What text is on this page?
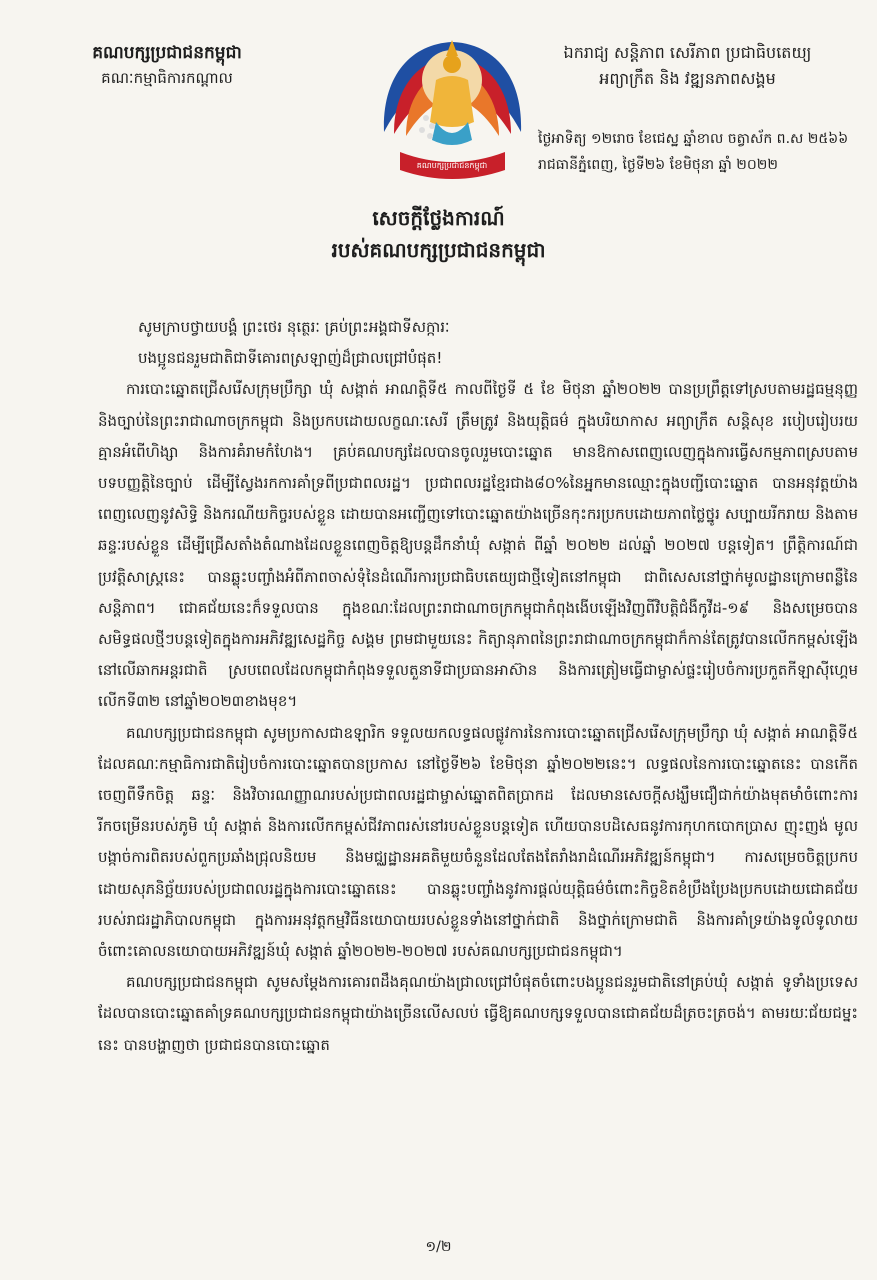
គណបក្សប្រជាជនកម្ពុជា
គណៈកម្មាធិការកណ្តាល
គណបក្សប្រជាជនកម្ពុជា
ឯករាជ្យ សន្តិភាព សេរីភាព ប្រជាធិបតេយ្យ
អព្យាក្រឹត និង វឌ្ឍនភាពសង្គម
ថ្ងៃអាទិត្យ ១២រោច ខែជេស្ឋ ឆ្នាំខាល ចត្វាស័ក ព.ស ២៥៦៦
រាជធានីភ្នំពេញ, ថ្ងៃទី២៦ ខែមិថុនា ឆ្នាំ ២០២២
សេចក្តីថ្លែងការណ៍
របស់គណបក្សប្រជាជនកម្ពុជា
សូមក្រាបថ្វាយបង្គំ ព្រះថេរ នុត្ថេរៈ គ្រប់ព្រះអង្គជាទីសក្ការៈ
បងប្អូនជនរួមជាតិជាទីគោរពស្រឡាញ់ដ៏ជ្រាលជ្រៅបំផុត!

ការបោះឆ្នោតជ្រើសរើសក្រុមប្រឹក្សា ឃុំ សង្កាត់ អាណត្តិទី៥ កាលពីថ្ងៃទី ៥ ខែ មិថុនា ឆ្នាំ២០២២ បានប្រព្រឹត្តទៅស្របតាមរដ្ឋធម្មនុញ្ញ និងច្បាប់នៃព្រះរាជាណាចក្រកម្ពុជា និងប្រកបដោយលក្ខណៈសេរី ត្រឹមត្រូវ និងយុត្តិធម៌ ក្នុងបរិយាកាស អព្យាក្រឹត សន្តិសុខ របៀបរៀបរយ គ្មានអំពើហិង្សា និងការគំរាមកំហែង។ គ្រប់គណបក្សដែលបានចូលរួមបោះឆ្នោត មានឱកាសពេញលេញក្នុងការធ្វើសកម្មភាពស្របតាមបទបញ្ញត្តិនៃច្បាប់ ដើម្បីស្វែងរកការគាំទ្រពីប្រជាពលរដ្ឋ។ ប្រជាពលរដ្ឋខ្មែរជាង៨០%នៃអ្នកមានឈ្មោះក្នុងបញ្ជីបោះឆ្នោត បានអនុវត្តយ៉ាងពេញលេញនូវសិទ្ធិ និងករណីយកិច្ចរបស់ខ្លួន ដោយបានអញ្ជើញទៅបោះឆ្នោតយ៉ាងច្រើនកុះករប្រកបដោយភាពថ្លៃថ្នូរ សប្បាយរីករាយ និងតាមឆន្ទៈរបស់ខ្លួន ដើម្បីជ្រើសតាំងតំណាងដែលខ្លួនពេញចិត្តឱ្យបន្តដឹកនាំឃុំ សង្កាត់ ពីឆ្នាំ ២០២២ ដល់ឆ្នាំ ២០២៧ បន្តទៀត។ ព្រឹត្តិការណ៍ជាប្រវត្តិសាស្ត្រនេះ បានឆ្លុះបញ្ចាំងអំពីភាពចាស់ទុំនៃដំណើរការប្រជាធិបតេយ្យជាថ្មីទៀតនៅកម្ពុជា ជាពិសេសនៅថ្នាក់មូលដ្ឋានក្រោមពន្លឺនៃសន្តិភាព។ ជោគជ័យនេះក៏ទទួលបាន ក្នុងខណៈដែលព្រះរាជាណាចក្រកម្ពុជាកំពុងងើបឡើងវិញពីវិបត្តិជំងឺកូវីដ-១៩ និងសម្រេចបានសមិទ្ធផលថ្មីៗបន្តទៀតក្នុងការអភិវឌ្ឍសេដ្ឋកិច្ច សង្គម ព្រមជាមួយនេះ កិត្យានុភាពនៃព្រះរាជាណាចក្រកម្ពុជាក៏កាន់តែត្រូវបានលើកកម្ពស់ឡើងនៅលើឆាកអន្តរជាតិ ស្របពេលដែលកម្ពុជាកំពុងទទួលតួនាទីជាប្រធានអាស៊ាន និងការត្រៀមធ្វើជាម្ចាស់ផ្ទះរៀបចំការប្រកួតកីឡាស៊ីហ្គេមលើកទី៣២ នៅឆ្នាំ២០២៣ខាងមុខ។

គណបក្សប្រជាជនកម្ពុជា សូមប្រកាសជាឧឡារិក ទទួលយកលទ្ធផលផ្លូវការនៃការបោះឆ្នោតជ្រើសរើសក្រុមប្រឹក្សា ឃុំ សង្កាត់ អាណត្តិទី៥ ដែលគណៈកម្មាធិការជាតិរៀបចំការបោះឆ្នោតបានប្រកាស នៅថ្ងៃទី២៦ ខែមិថុនា ឆ្នាំ២០២២នេះ។ លទ្ធផលនៃការបោះឆ្នោតនេះ បានកើតចេញពីទឹកចិត្ត ឆន្ទៈ និងវិចារណញ្ញាណរបស់ប្រជាពលរដ្ឋជាម្ចាស់ឆ្នោតពិតប្រាកដ ដែលមានសេចក្តីសង្ឃឹមជឿជាក់យ៉ាងមុតមាំចំពោះការរីកចម្រើនរបស់ភូមិ ឃុំ សង្កាត់ និងការលើកកម្ពស់ជីវភាពរស់នៅរបស់ខ្លួនបន្តទៀត ហើយបានបដិសេធនូវការកុហកបោកប្រាស ញុះញង់ មូលបង្កាច់ការពិតរបស់ពួកប្រឆាំងជ្រុលនិយម និងមជ្ឈដ្ឋានអគតិមួយចំនួនដែលតែងតែរាំងរាដំណើរអភិវឌ្ឍន៍កម្ពុជា។ ការសម្រេចចិត្តប្រកបដោយសុភនិច្ឆ័យរបស់ប្រជាពលរដ្ឋក្នុងការបោះឆ្នោតនេះ បានឆ្លុះបញ្ចាំងនូវការផ្តល់យុត្តិធម៌ចំពោះកិច្ចខិតខំប្រឹងប្រែងប្រកបដោយជោគជ័យរបស់រាជរដ្ឋាភិបាលកម្ពុជា ក្នុងការអនុវត្តកម្មវិធីនយោបាយរបស់ខ្លួនទាំងនៅថ្នាក់ជាតិ និងថ្នាក់ក្រោមជាតិ និងការគាំទ្រយ៉ាងទូលំទូលាយចំពោះគោលនយោបាយអភិវឌ្ឍន៍ឃុំ សង្កាត់ ឆ្នាំ២០២២-២០២៧ របស់គណបក្សប្រជាជនកម្ពុជា។

គណបក្សប្រជាជនកម្ពុជា សូមសម្តែងការគោរពដឹងគុណយ៉ាងជ្រាលជ្រៅបំផុតចំពោះបងប្អូនជនរួមជាតិនៅគ្រប់ឃុំ សង្កាត់ ទូទាំងប្រទេស ដែលបានបោះឆ្នោតគាំទ្រគណបក្សប្រជាជនកម្ពុជាយ៉ាងច្រើនលើសលប់ ធ្វើឱ្យគណបក្សទទួលបានជោគជ័យដ៏ត្រចះត្រចង់។ តាមរយៈជ័យជម្នះនេះ បានបង្ហាញថា ប្រជាជនបានបោះឆ្នោត

១/២
